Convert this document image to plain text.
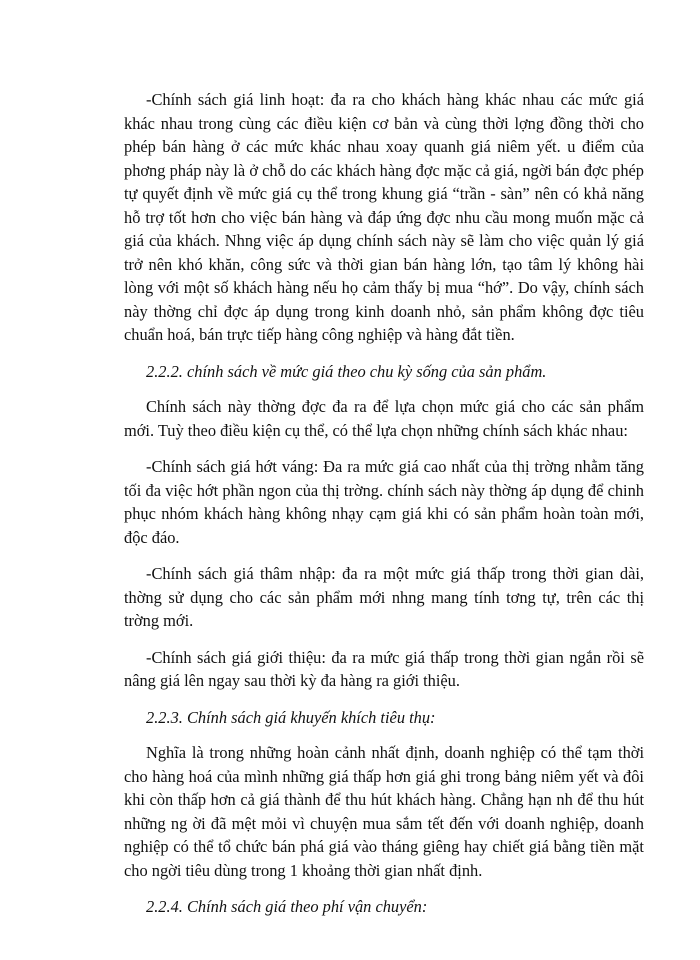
-Chính sách giá linh hoạt: đa ra cho khách hàng khác nhau các mức giá khác nhau trong cùng các điều kiện cơ bản và cùng thời lợng đồng thời cho phép bán hàng ở các mức khác nhau xoay quanh giá niêm yết. u điểm của phơng pháp này là ở chỗ do các khách hàng đợc mặc cả giá, ngời bán đợc phép tự quyết định về mức giá cụ thể trong khung giá “trần - sàn” nên có khả năng hỗ trợ tốt hơn cho việc bán hàng và đáp ứng đợc nhu cầu mong muốn mặc cả giá của khách. Nhng việc áp dụng chính sách này sẽ làm cho việc quản lý giá trở nên khó khăn, công sức và thời gian bán hàng lớn, tạo tâm lý không hài lòng với một số khách hàng nếu họ cảm thấy bị mua “hớ”. Do vậy, chính sách này thờng chỉ đợc áp dụng trong kinh doanh nhỏ, sản phẩm không đợc tiêu chuẩn hoá, bán trực tiếp hàng công nghiệp và hàng đắt tiền.

2.2.2. chính sách về mức giá theo chu kỳ sống của sản phẩm.

Chính sách này thờng đợc đa ra để lựa chọn mức giá cho các sản phẩm mới. Tuỳ theo điều kiện cụ thể, có thể lựa chọn những chính sách khác nhau:

-Chính sách giá hớt váng: Đa ra mức giá cao nhất của thị trờng nhằm tăng tối đa việc hớt phần ngon của thị trờng. chính sách này thờng áp dụng để chinh phục nhóm khách hàng không nhạy cạm giá khi có sản phẩm hoàn toàn mới, độc đáo.

-Chính sách giá thâm nhập: đa ra một mức giá thấp trong thời gian dài, thờng sử dụng cho các sản phẩm mới nhng mang tính tơng tự, trên các thị trờng mới.

-Chính sách giá giới thiệu: đa ra mức giá thấp trong thời gian ngắn rồi sẽ nâng giá lên ngay sau thời kỳ đa hàng ra giới thiệu.

2.2.3. Chính sách giá khuyến khích tiêu thụ:

Nghĩa là trong những hoàn cảnh nhất định, doanh nghiệp có thể tạm thời cho hàng hoá của mình những giá thấp hơn giá ghi trong bảng niêm yết và đôi khi còn thấp hơn cả giá thành để thu hút khách hàng. Chẳng hạn nh để thu hút những ng ời đã mệt mỏi vì chuyện mua sắm tết đến với doanh nghiệp, doanh nghiệp có thể tổ chức bán phá giá vào tháng giêng hay chiết giá bằng tiền mặt cho ngời tiêu dùng trong 1 khoảng thời gian nhất định.

2.2.4. Chính sách giá theo phí vận chuyển:
